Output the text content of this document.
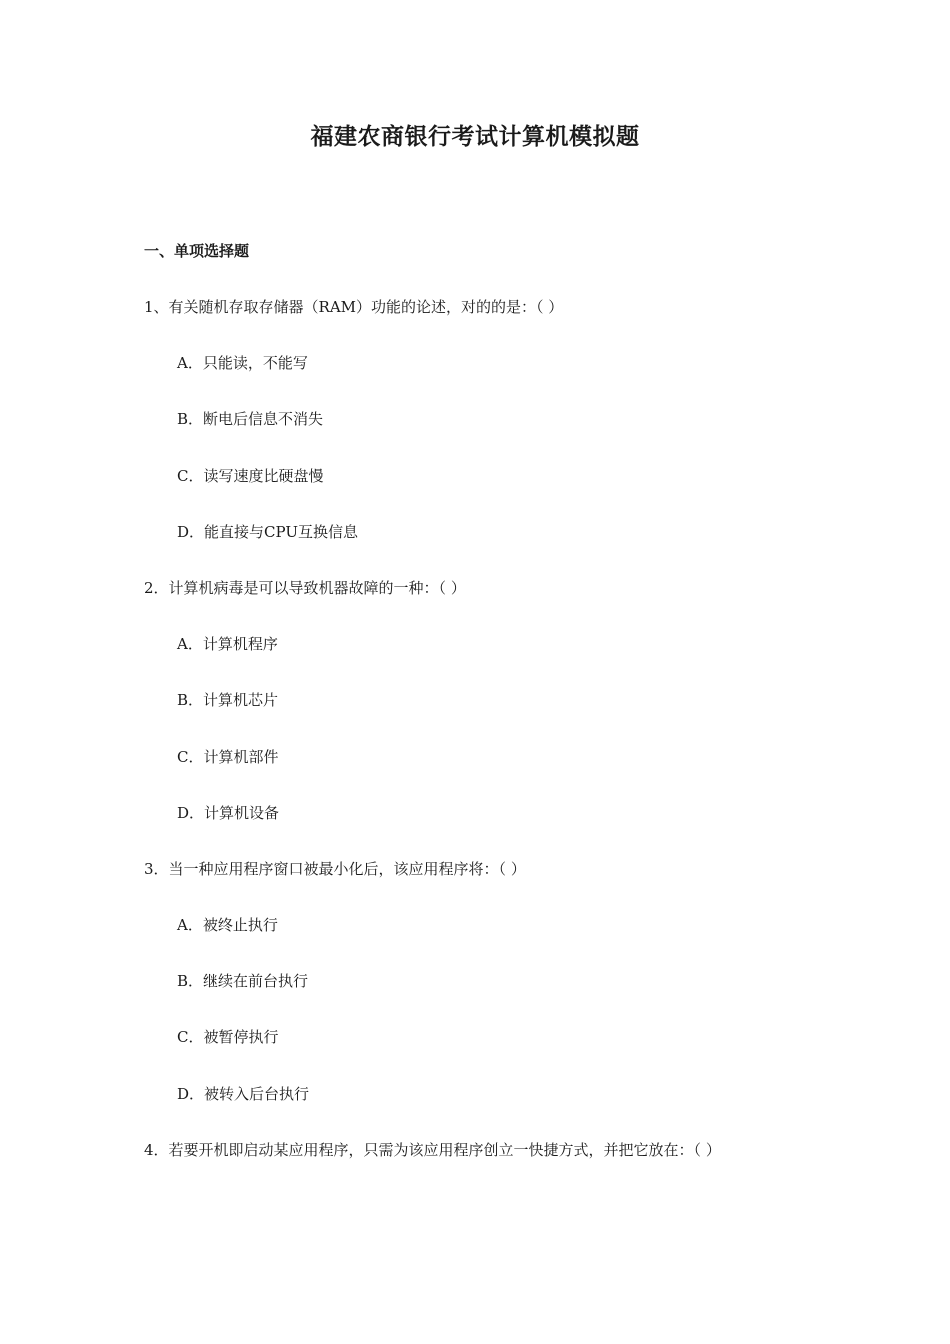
福建农商银行考试计算机模拟题
一、单项选择题
1、有关随机存取存储器（RAM）功能的论述，对的的是：（ ）
A．只能读，不能写
B．断电后信息不消失
C．读写速度比硬盘慢
D．能直接与CPU互换信息
2．计算机病毒是可以导致机器故障的一种：（ ）
A．计算机程序
B．计算机芯片
C．计算机部件
D．计算机设备
3．当一种应用程序窗口被最小化后，该应用程序将：（ ）
A．被终止执行
B．继续在前台执行
C．被暂停执行
D．被转入后台执行
4．若要开机即启动某应用程序，只需为该应用程序创立一快捷方式，并把它放在：（ ）
